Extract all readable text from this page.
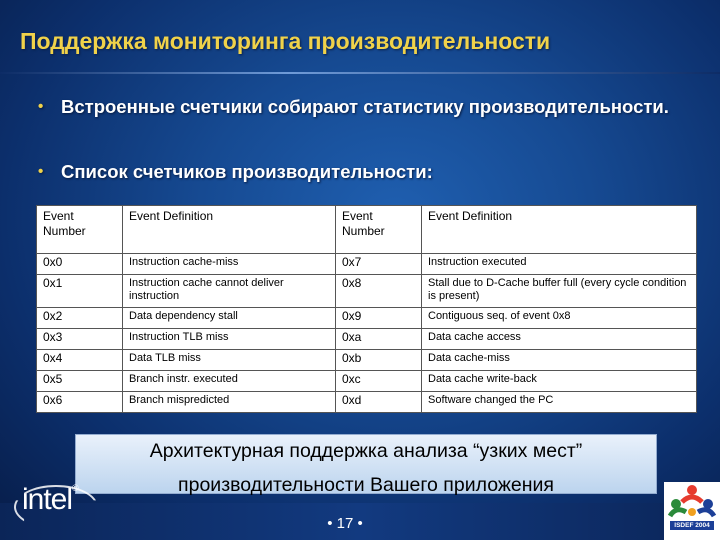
Поддержка мониторинга производительности
• Встроенные счетчики собирают статистику производительности.
• Список счетчиков производительности:
Event Number	Event Definition	Event Number	Event Definition
0x0	Instruction cache-miss	0x7	Instruction executed
0x1	Instruction cache cannot deliver instruction	0x8	Stall due to D-Cache buffer full (every cycle condition is present)
0x2	Data dependency stall	0x9	Contiguous seq. of event 0x8
0x3	Instruction TLB miss	0xa	Data cache access
0x4	Data TLB miss	0xb	Data cache-miss
0x5	Branch instr. executed	0xc	Data cache write-back
0x6	Branch mispredicted	0xd	Software changed the PC
Архитектурная поддержка анализа “узких мест”
производительности Вашего приложения
intel®
• 17 •	ISDEF 2004
